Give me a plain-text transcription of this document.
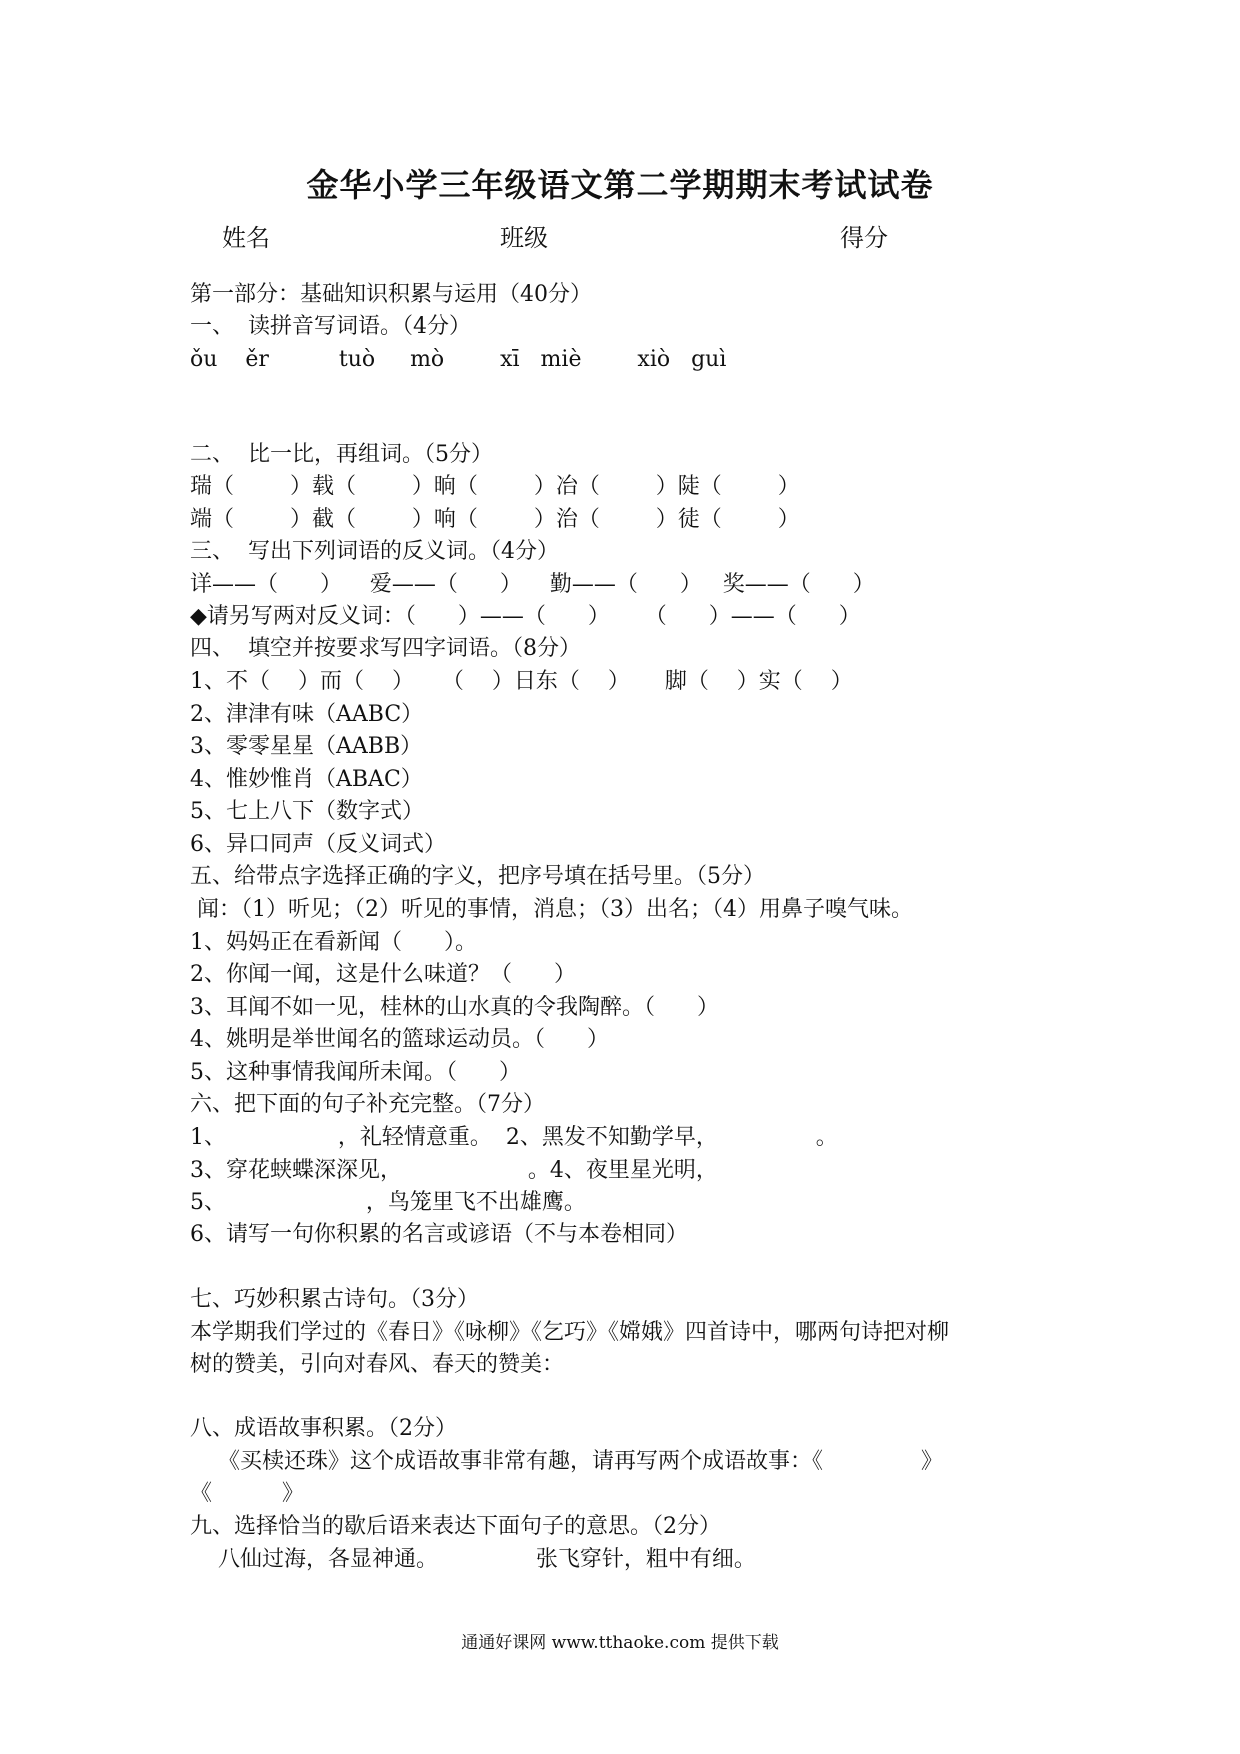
金华小学三年级语文第二学期期末考试试卷
姓名	班级	得分
第一部分：基础知识积累与运用（40分）
一、  读拼音写词语。（4分）
ǒu    ěr          tuò     mò        xī   miè        xiò   guì
二、  比一比，再组词。（5分）
瑞（        ）载（        ）晌（        ）冶（        ）陡（        ）
端（        ）截（        ）响（        ）治（        ）徒（        ）
三、  写出下列词语的反义词。（4分）
详——（      ）    爱——（      ）    勤——（      ）   奖——（      ）
◆请另写两对反义词：（      ）——（      ）     （      ）——（      ）
四、  填空并按要求写四字词语。（8分）
1、不（    ）而（    ）    （    ）日东（    ）     脚（    ）实（    ）
2、津津有味（AABC）
3、零零星星（AABB）
4、惟妙惟肖（ABAC）
5、七上八下（数字式）
6、异口同声（反义词式）
五、给带点字选择正确的字义，把序号填在括号里。（5分）
闻：（1）听见；（2）听见的事情，消息；（3）出名；（4）用鼻子嗅气味。
1、妈妈正在看新闻（      ）。
2、你闻一闻，这是什么味道？（      ）
3、耳闻不如一见，桂林的山水真的令我陶醉。（      ）
4、姚明是举世闻名的篮球运动员。（      ）
5、这种事情我闻所未闻。（      ）
六、把下面的句子补充完整。（7分）
1、                ，礼轻情意重。  2、黑发不知勤学早，              。
3、穿花蛱蝶深深见，                  。4、夜里星光明，
5、                    ，鸟笼里飞不出雄鹰。
6、请写一句你积累的名言或谚语（不与本卷相同）
七、巧妙积累古诗句。（3分）
本学期我们学过的《春日》《咏柳》《乞巧》《嫦娥》四首诗中，哪两句诗把对柳
树的赞美，引向对春风、春天的赞美：
八、成语故事积累。（2分）
《买椟还珠》这个成语故事非常有趣，请再写两个成语故事：《              》
《          》
九、选择恰当的歇后语来表达下面句子的意思。（2分）
八仙过海，各显神通。              张飞穿针，粗中有细。
通通好课网 www.tthaoke.com 提供下载
